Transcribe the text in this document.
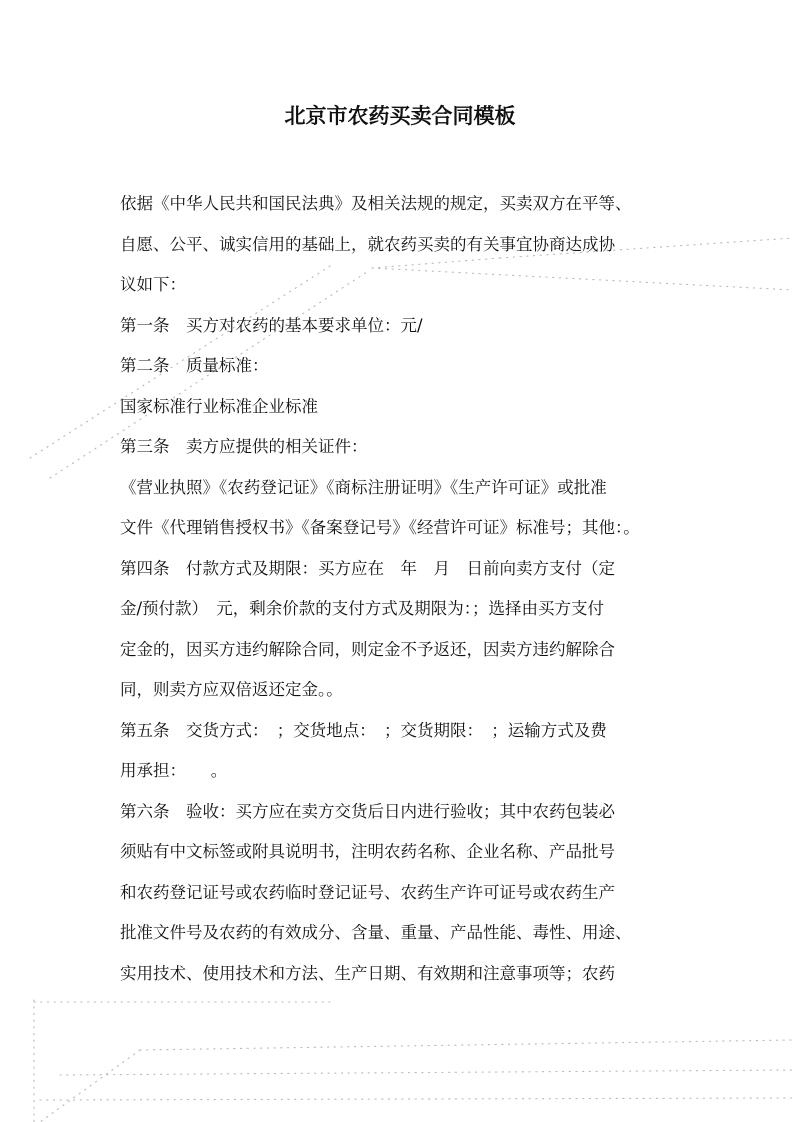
北京市农药买卖合同模板
依据《中华人民共和国民法典》及相关法规的规定，买卖双方在平等、
自愿、公平、诚实信用的基础上，就农药买卖的有关事宜协商达成协
议如下：
第一条　买方对农药的基本要求单位：元/
第二条　质量标准：
国家标准行业标准企业标准
第三条　卖方应提供的相关证件：
《营业执照》《农药登记证》《商标注册证明》《生产许可证》或批准
文件《代理销售授权书》《备案登记号》《经营许可证》标准号；其他：。
第四条　付款方式及期限：买方应在　年　月　日前向卖方支付（定
金/预付款）　元，剩余价款的支付方式及期限为：；选择由买方支付
定金的，因买方违约解除合同，则定金不予返还，因卖方违约解除合
同，则卖方应双倍返还定金。。
第五条　交货方式：　；交货地点：　；交货期限：　；运输方式及费
用承担：　　。
第六条　验收：买方应在卖方交货后日内进行验收；其中农药包装必
须贴有中文标签或附具说明书，注明农药名称、企业名称、产品批号
和农药登记证号或农药临时登记证号、农药生产许可证号或农药生产
批准文件号及农药的有效成分、含量、重量、产品性能、毒性、用途、
实用技术、使用技术和方法、生产日期、有效期和注意事项等；农药
